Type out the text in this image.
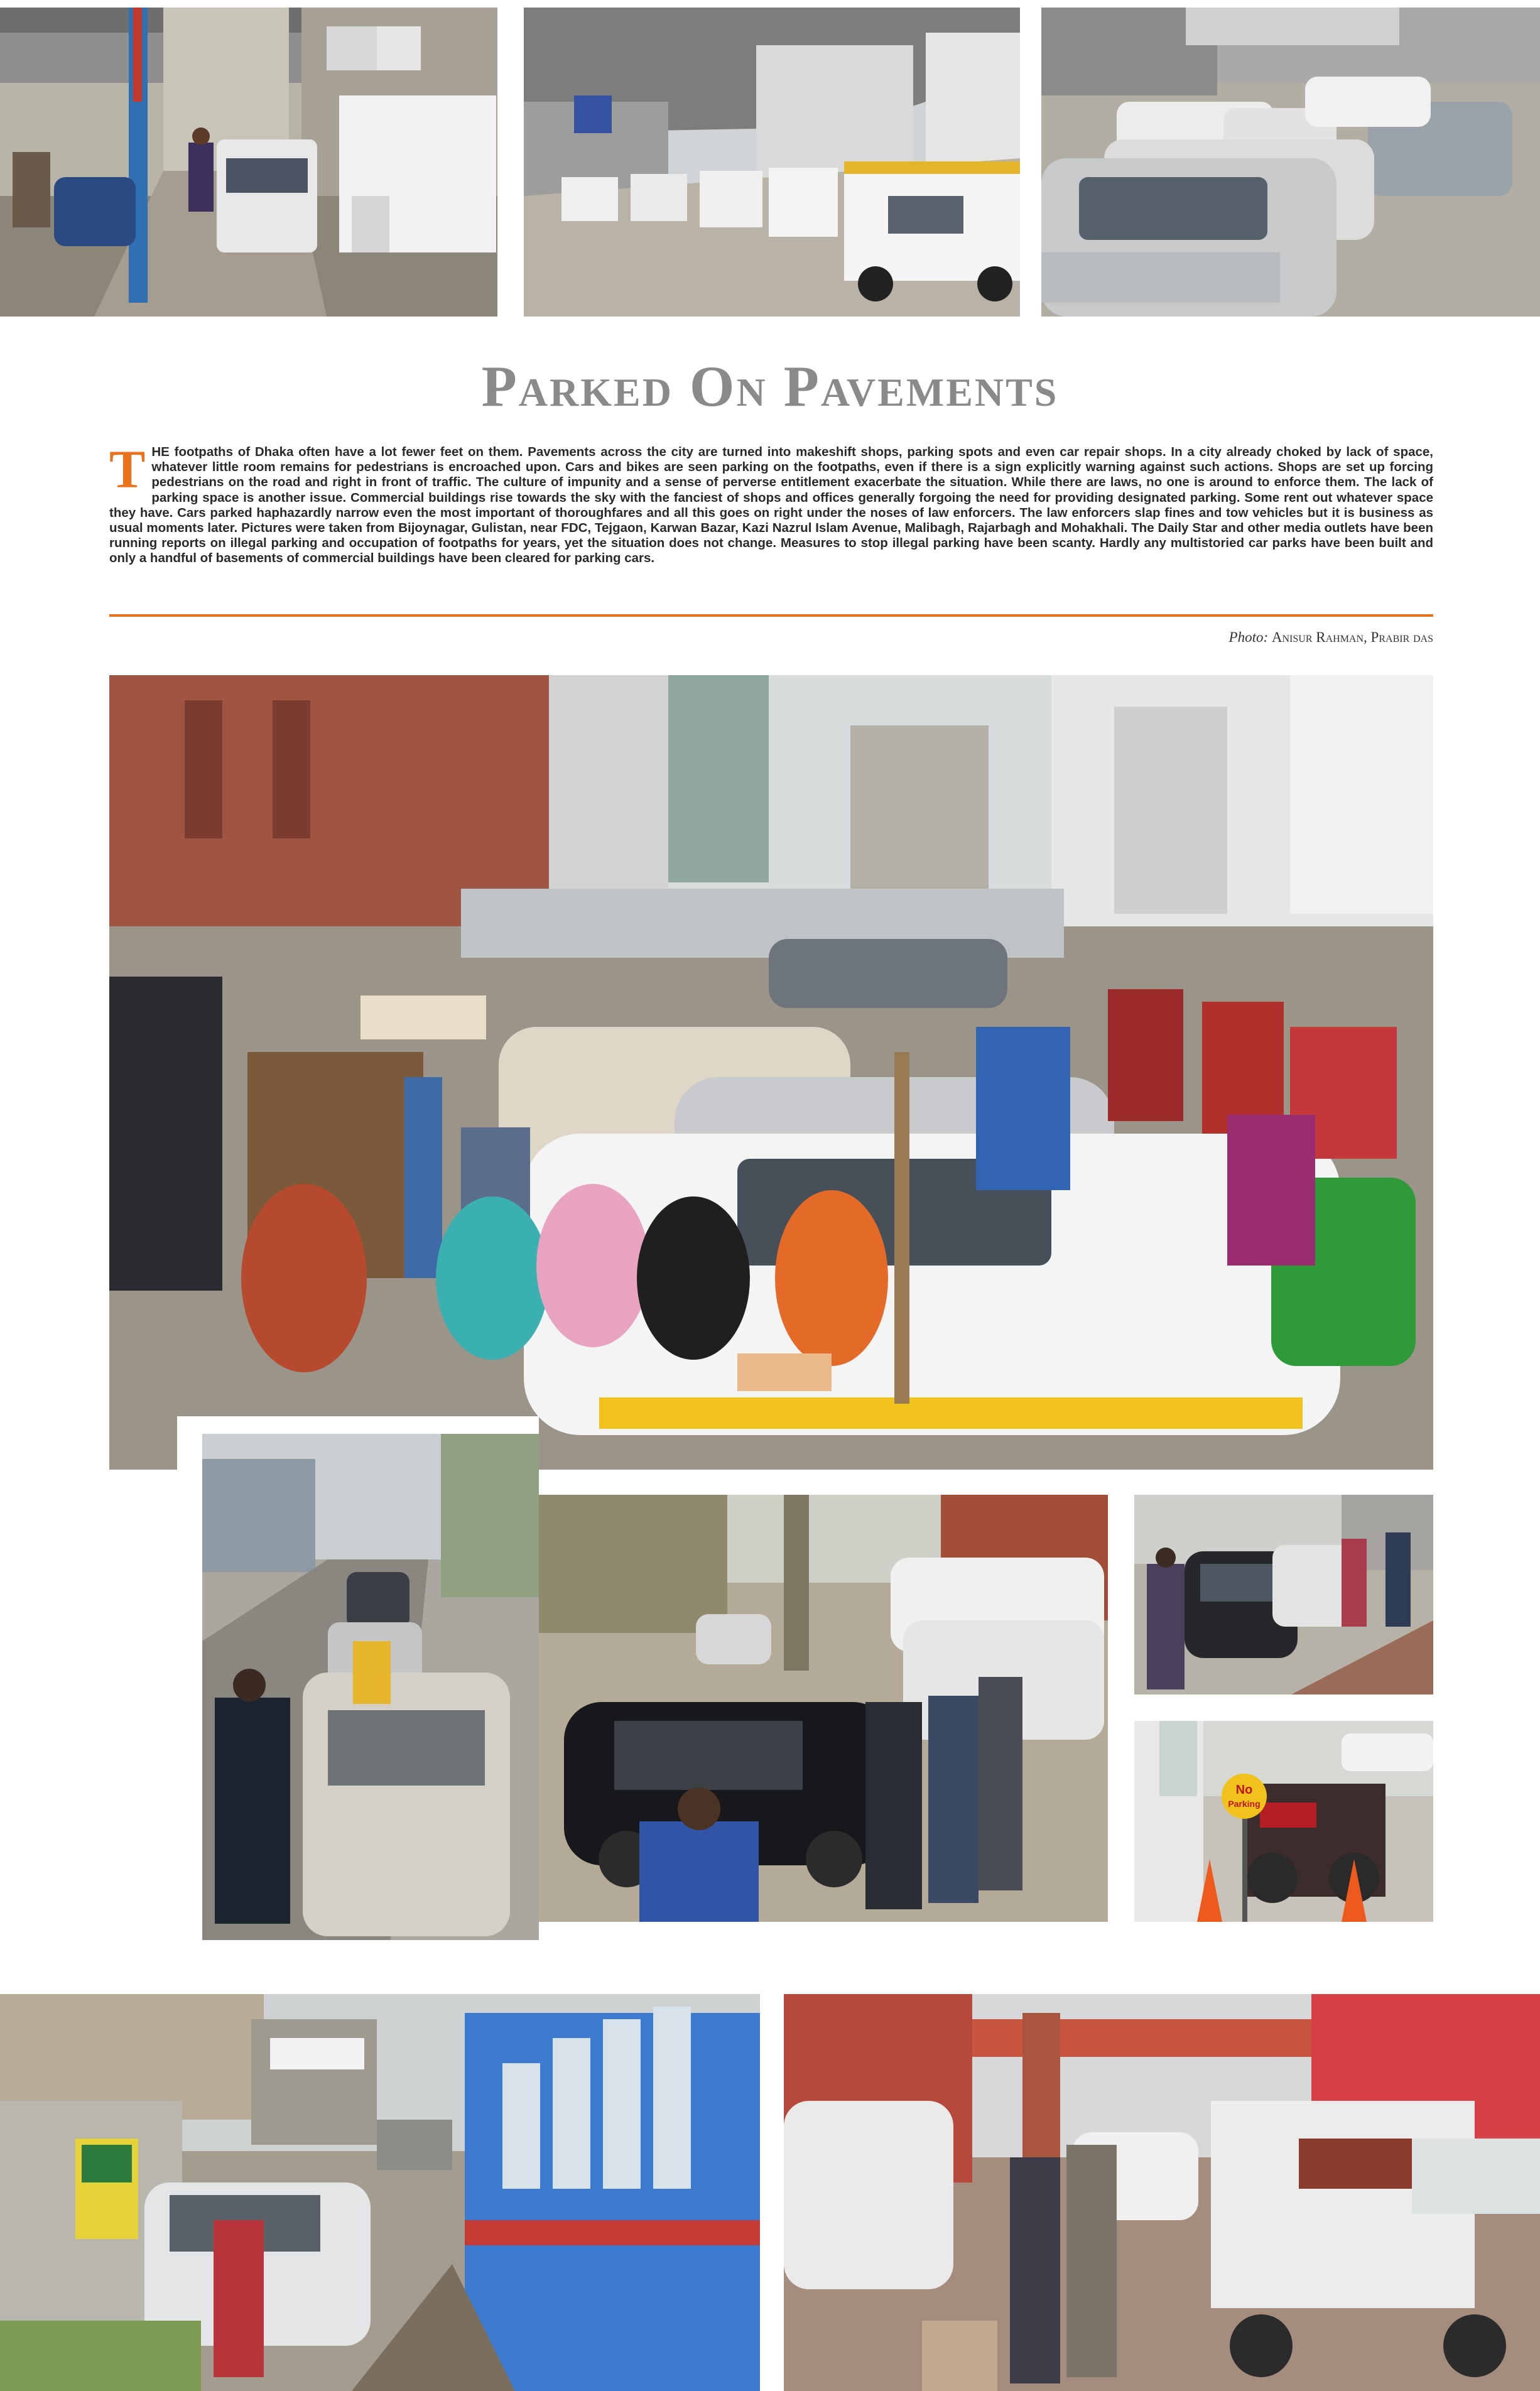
Parked On Pavements

THE footpaths of Dhaka often have a lot fewer feet on them. Pavements across the city are turned into makeshift shops, parking spots and even car repair shops. In a city already choked by lack of space, whatever little room remains for pedestrians is encroached upon. Cars and bikes are seen parking on the footpaths, even if there is a sign explicitly warning against such actions. Shops are set up forcing pedestrians on the road and right in front of traffic. The culture of impunity and a sense of perverse entitlement exacerbate the situation. While there are laws, no one is around to enforce them. The lack of parking space is another issue. Commercial buildings rise towards the sky with the fanciest of shops and offices generally forgoing the need for providing designated parking. Some rent out whatever space they have. Cars parked haphazardly narrow even the most important of thoroughfares and all this goes on right under the noses of law enforcers. The law enforcers slap fines and tow vehicles but it is business as usual moments later. Pictures were taken from Bijoynagar, Gulistan, near FDC, Tejgaon, Karwan Bazar, Kazi Nazrul Islam Avenue, Malibagh, Rajarbagh and Mohakhali. The Daily Star and other media outlets have been running reports on illegal parking and occupation of footpaths for years, yet the situation does not change. Measures to stop illegal parking have been scanty. Hardly any multistoried car parks have been built and only a handful of basements of commercial buildings have been cleared for parking cars.

Photo: Anisur Rahman, Prabir das
No
Parking
